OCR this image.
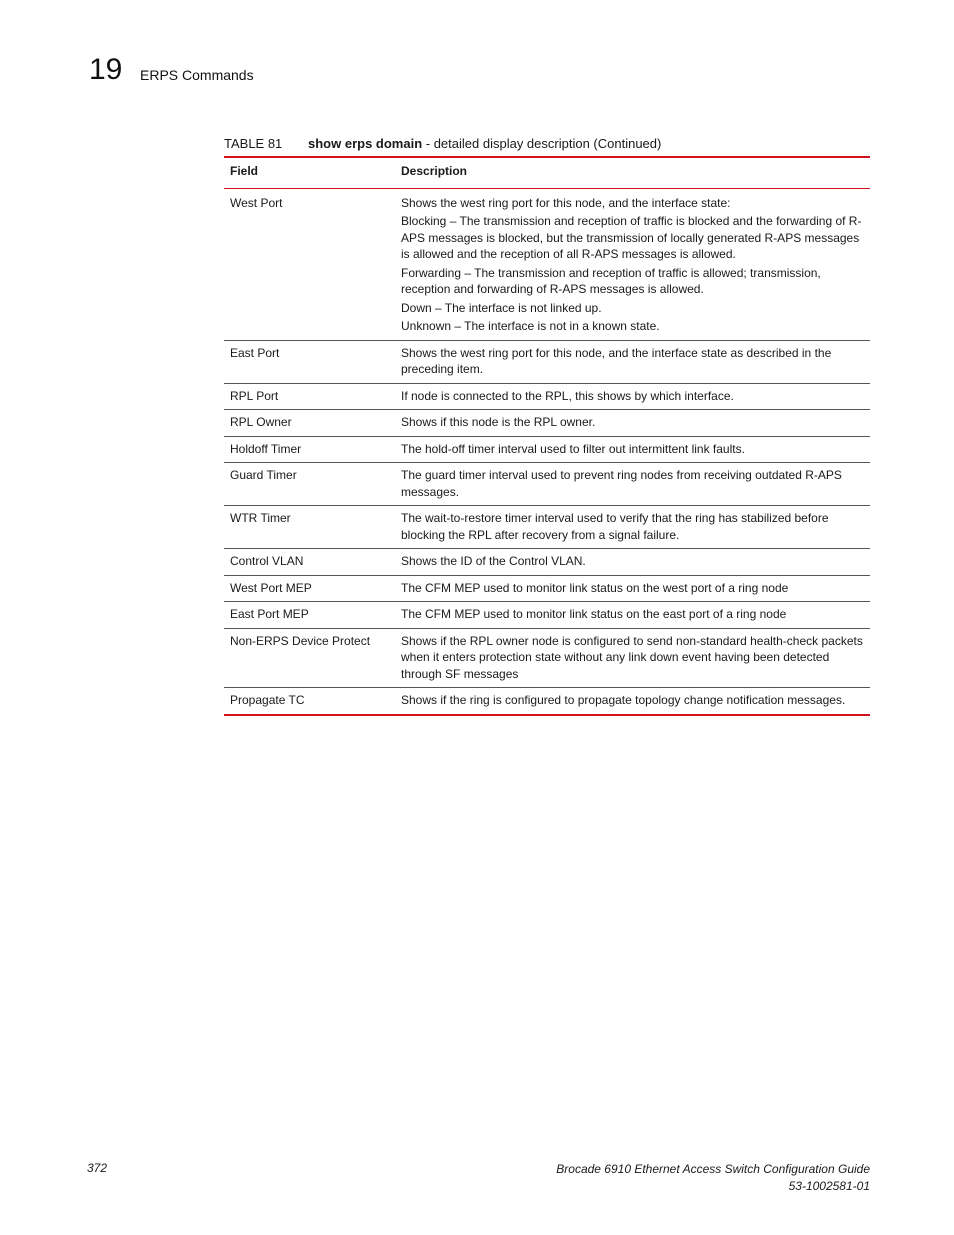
19 ERPS Commands
TABLE 81 show erps domain - detailed display description (Continued)
Field	Description
West Port	Shows the west ring port for this node, and the interface state:

Blocking – The transmission and reception of traffic is blocked and the forwarding of R-APS messages is blocked, but the transmission of locally generated R-APS messages is allowed and the reception of all R-APS messages is allowed.

Forwarding – The transmission and reception of traffic is allowed; transmission, reception and forwarding of R-APS messages is allowed.

Down – The interface is not linked up.

Unknown – The interface is not in a known state.

East Port	Shows the west ring port for this node, and the interface state as described in the preceding item.

RPL Port	If node is connected to the RPL, this shows by which interface.

RPL Owner	Shows if this node is the RPL owner.

Holdoff Timer	The hold-off timer interval used to filter out intermittent link faults.

Guard Timer	The guard timer interval used to prevent ring nodes from receiving outdated R-APS messages.

WTR Timer	The wait-to-restore timer interval used to verify that the ring has stabilized before blocking the RPL after recovery from a signal failure.

Control VLAN	Shows the ID of the Control VLAN.

West Port MEP	The CFM MEP used to monitor link status on the west port of a ring node

East Port MEP	The CFM MEP used to monitor link status on the east port of a ring node

Non-ERPS Device Protect	Shows if the RPL owner node is configured to send non-standard health-check packets when it enters protection state without any link down event having been detected through SF messages

Propagate TC	Shows if the ring is configured to propagate topology change notification messages.

372	Brocade 6910 Ethernet Access Switch Configuration Guide
53-1002581-01
